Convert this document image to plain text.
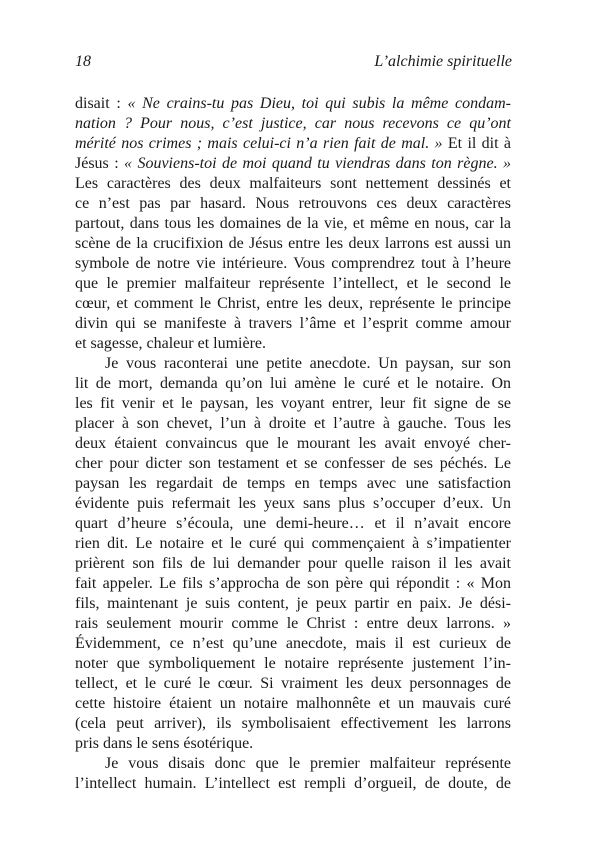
18	L’alchimie spirituelle
disait : « Ne crains-tu pas Dieu, toi qui subis la même condam-
nation ? Pour nous, c’est justice, car nous recevons ce qu’ont
mérité nos crimes ; mais celui-ci n’a rien fait de mal. » Et il dit à
Jésus : « Souviens-toi de moi quand tu viendras dans ton règne. »
Les caractères des deux malfaiteurs sont nettement dessinés et
ce n’est pas par hasard. Nous retrouvons ces deux caractères
partout, dans tous les domaines de la vie, et même en nous, car la
scène de la crucifixion de Jésus entre les deux larrons est aussi un
symbole de notre vie intérieure. Vous comprendrez tout à l’heure
que le premier malfaiteur représente l’intellect, et le second le
cœur, et comment le Christ, entre les deux, représente le principe
divin qui se manifeste à travers l’âme et l’esprit comme amour
et sagesse, chaleur et lumière.
Je vous raconterai une petite anecdote. Un paysan, sur son
lit de mort, demanda qu’on lui amène le curé et le notaire. On
les fit venir et le paysan, les voyant entrer, leur fit signe de se
placer à son chevet, l’un à droite et l’autre à gauche. Tous les
deux étaient convaincus que le mourant les avait envoyé cher-
cher pour dicter son testament et se confesser de ses péchés. Le
paysan les regardait de temps en temps avec une satisfaction
évidente puis refermait les yeux sans plus s’occuper d’eux. Un
quart d’heure s’écoula, une demi-heure… et il n’avait encore
rien dit. Le notaire et le curé qui commençaient à s’impatienter
prièrent son fils de lui demander pour quelle raison il les avait
fait appeler. Le fils s’approcha de son père qui répondit : « Mon
fils, maintenant je suis content, je peux partir en paix. Je dési-
rais seulement mourir comme le Christ : entre deux larrons. »
Évidemment, ce n’est qu’une anecdote, mais il est curieux de
noter que symboliquement le notaire représente justement l’in-
tellect, et le curé le cœur. Si vraiment les deux personnages de
cette histoire étaient un notaire malhonnête et un mauvais curé
(cela peut arriver), ils symbolisaient effectivement les larrons
pris dans le sens ésotérique.
Je vous disais donc que le premier malfaiteur représente
l’intellect humain. L’intellect est rempli d’orgueil, de doute, de
